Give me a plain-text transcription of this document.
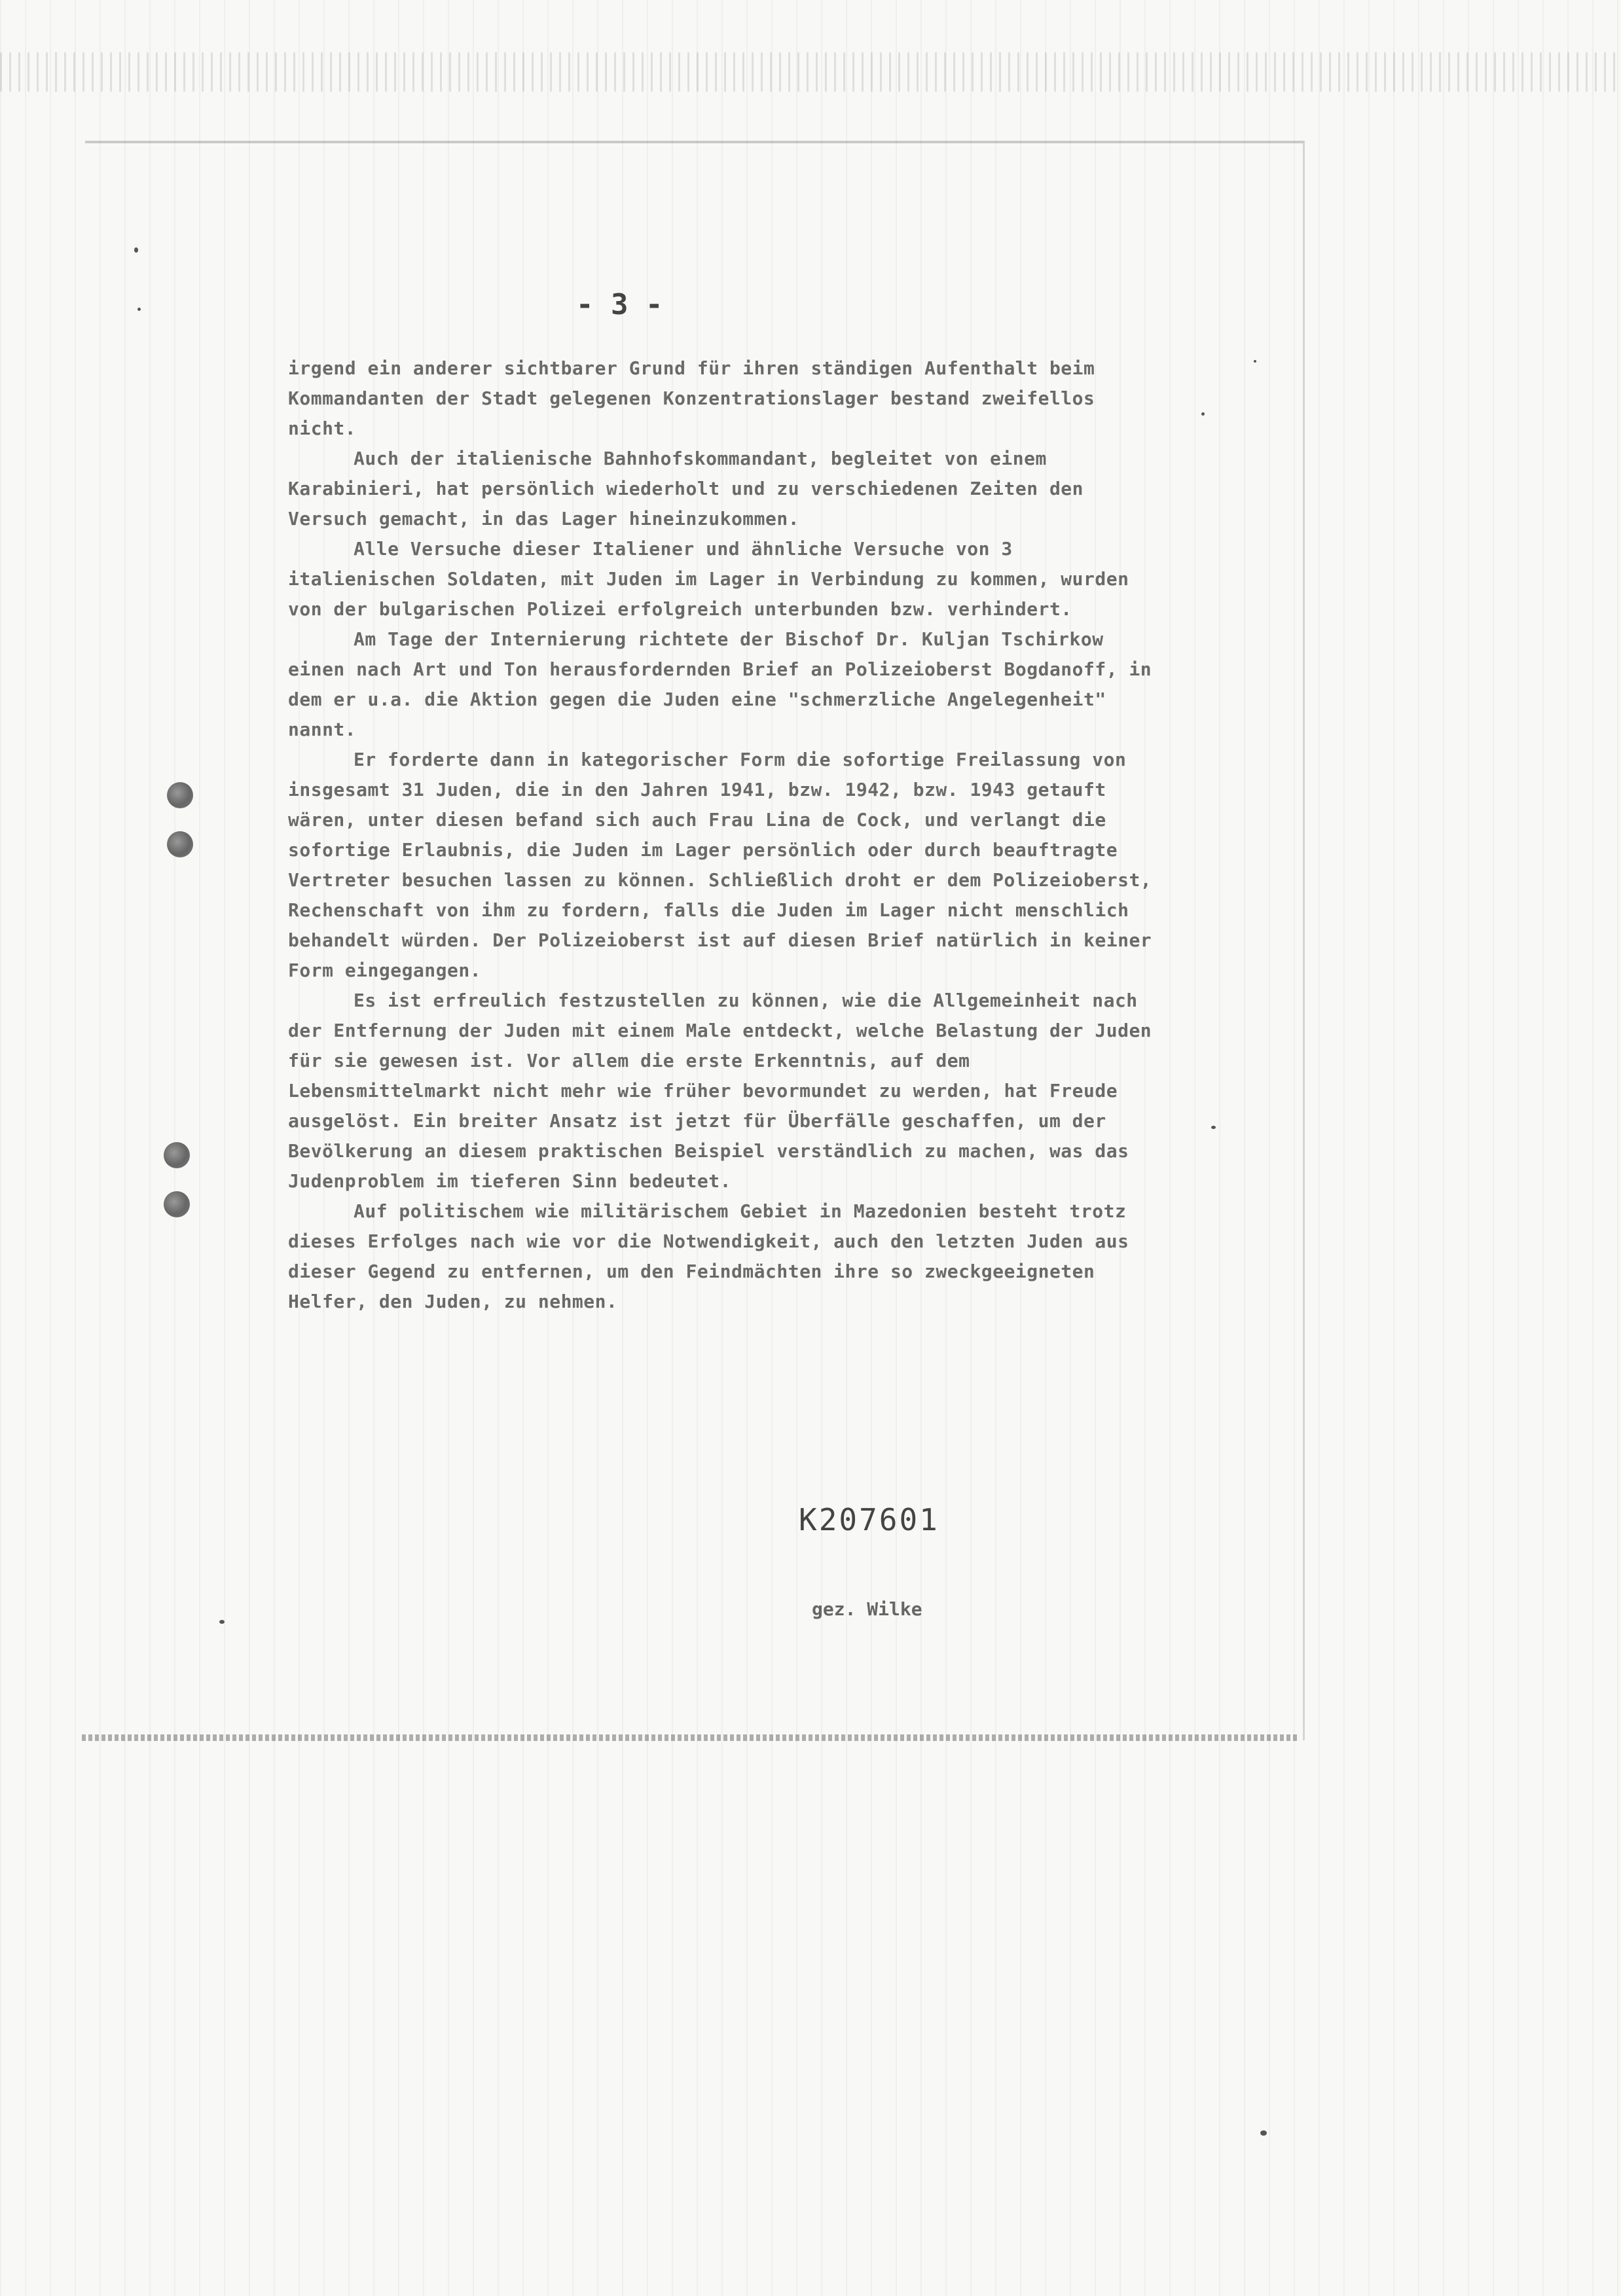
- 3 -

irgend ein anderer sichtbarer Grund für ihren ständigen Aufenthalt beim Kommandanten der Stadt gelegenen Konzentrationslager bestand zweifellos nicht.

Auch der italienische Bahnhofskommandant, begleitet von einem Karabinieri, hat persönlich wiederholt und zu verschiedenen Zeiten den Versuch gemacht, in das Lager hineinzukommen.

Alle Versuche dieser Italiener und ähnliche Versuche von 3 italienischen Soldaten, mit Juden im Lager in Verbindung zu kommen, wurden von der bulgarischen Polizei erfolgreich unterbunden bzw. verhindert.

Am Tage der Internierung richtete der Bischof Dr. Kuljan Tschirkow einen nach Art und Ton herausfordernden Brief an Polizeioberst Bogdanoff, in dem er u.a. die Aktion gegen die Juden eine "schmerzliche Angelegenheit" nannt.

Er forderte dann in kategorischer Form die sofortige Freilassung von insgesamt 31 Juden, die in den Jahren 1941, bzw. 1942, bzw. 1943 getauft wären, unter diesen befand sich auch Frau Lina de Cock, und verlangt die sofortige Erlaubnis, die Juden im Lager persönlich oder durch beauftragte Vertreter besuchen lassen zu können. Schließlich droht er dem Polizeioberst, Rechenschaft von ihm zu fordern, falls die Juden im Lager nicht menschlich behandelt würden. Der Polizeioberst ist auf diesen Brief natürlich in keiner Form eingegangen.

Es ist erfreulich festzustellen zu können, wie die Allgemeinheit nach der Entfernung der Juden mit einem Male entdeckt, welche Belastung der Juden für sie gewesen ist. Vor allem die erste Erkenntnis, auf dem Lebensmittelmarkt nicht mehr wie früher bevormundet zu werden, hat Freude ausgelöst. Ein breiter Ansatz ist jetzt für Überfälle geschaffen, um der Bevölkerung an diesem praktischen Beispiel verständlich zu machen, was das Judenproblem im tieferen Sinn bedeutet.

Auf politischem wie militärischem Gebiet in Mazedonien besteht trotz dieses Erfolges nach wie vor die Notwendigkeit, auch den letzten Juden aus dieser Gegend zu entfernen, um den Feindmächten ihre so zweckgeeigneten Helfer, den Juden, zu nehmen.

K207601
gez. Wilke
